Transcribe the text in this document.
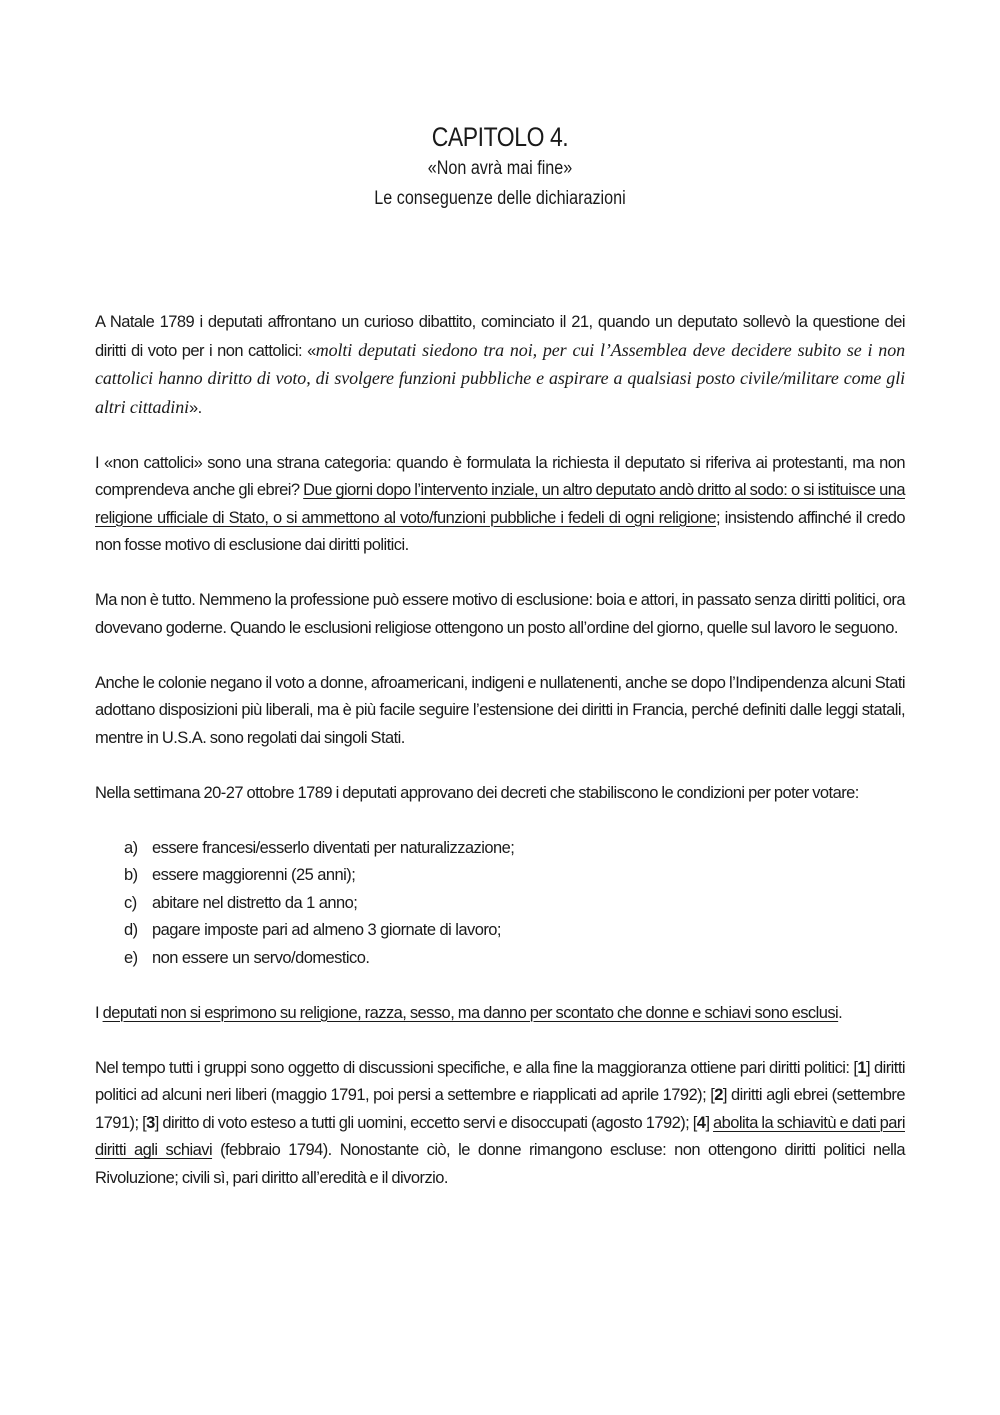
CAPITOLO 4.
«Non avrà mai fine»
Le conseguenze delle dichiarazioni

A Natale 1789 i deputati affrontano un curioso dibattito, cominciato il 21, quando un deputato sollevò la questione dei diritti di voto per i non cattolici: «molti deputati siedono tra noi, per cui l’Assemblea deve decidere subito se i non cattolici hanno diritto di voto, di svolgere funzioni pubbliche e aspirare a qualsiasi posto civile/militare come gli altri cittadini».

I «non cattolici» sono una strana categoria: quando è formulata la richiesta il deputato si riferiva ai protestanti, ma non comprendeva anche gli ebrei? Due giorni dopo l’intervento inziale, un altro deputato andò dritto al sodo: o si istituisce una religione ufficiale di Stato, o si ammettono al voto/funzioni pubbliche i fedeli di ogni religione; insistendo affinché il credo non fosse motivo di esclusione dai diritti politici.

Ma non è tutto. Nemmeno la professione può essere motivo di esclusione: boia e attori, in passato senza diritti politici, ora dovevano goderne. Quando le esclusioni religiose ottengono un posto all’ordine del giorno, quelle sul lavoro le seguono.

Anche le colonie negano il voto a donne, afroamericani, indigeni e nullatenenti, anche se dopo l’Indipendenza alcuni Stati adottano disposizioni più liberali, ma è più facile seguire l’estensione dei diritti in Francia, perché definiti dalle leggi statali, mentre in U.S.A. sono regolati dai singoli Stati.

Nella settimana 20-27 ottobre 1789 i deputati approvano dei decreti che stabiliscono le condizioni per poter votare:

a) essere francesi/esserlo diventati per naturalizzazione;
b) essere maggiorenni (25 anni);
c) abitare nel distretto da 1 anno;
d) pagare imposte pari ad almeno 3 giornate di lavoro;
e) non essere un servo/domestico.

I deputati non si esprimono su religione, razza, sesso, ma danno per scontato che donne e schiavi sono esclusi.

Nel tempo tutti i gruppi sono oggetto di discussioni specifiche, e alla fine la maggioranza ottiene pari diritti politici: [1] diritti politici ad alcuni neri liberi (maggio 1791, poi persi a settembre e riapplicati ad aprile 1792); [2] diritti agli ebrei (settembre 1791); [3] diritto di voto esteso a tutti gli uomini, eccetto servi e disoccupati (agosto 1792); [4] abolita la schiavitù e dati pari diritti agli schiavi (febbraio 1794). Nonostante ciò, le donne rimangono escluse: non ottengono diritti politici nella Rivoluzione; civili sì, pari diritto all’eredità e il divorzio.
